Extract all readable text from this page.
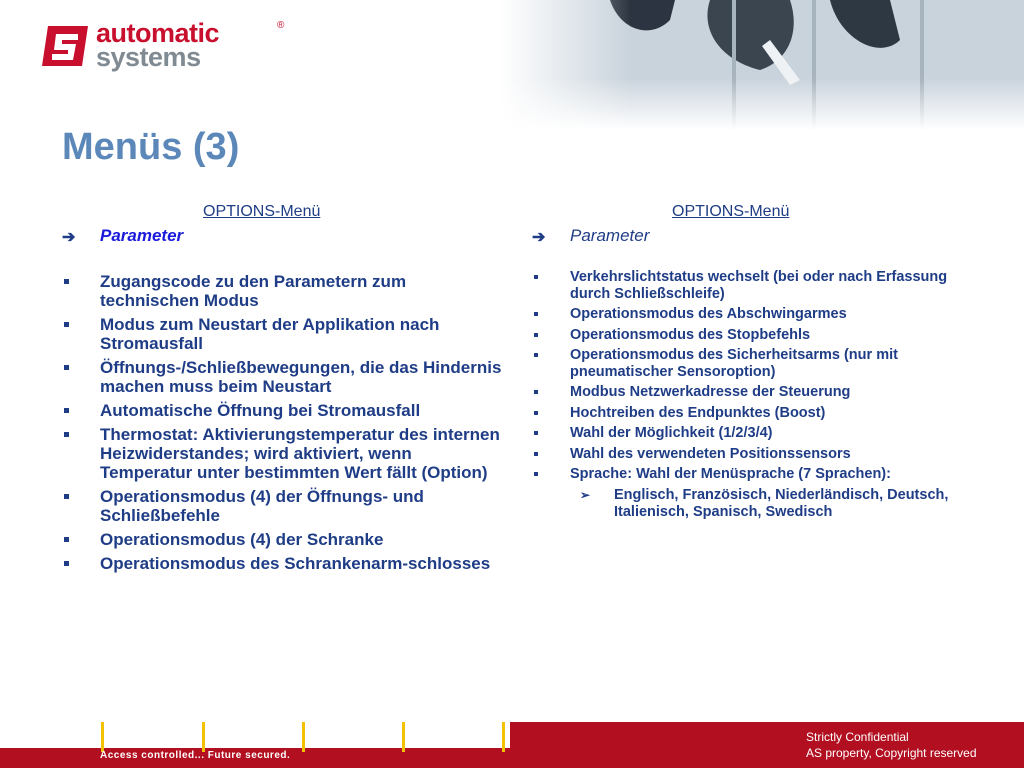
automatic	®
systems
Menüs (3)
OPTIONS-Menü
➔ Parameter
Zugangscode zu den Parametern zum technischen Modus
Modus zum Neustart der Applikation nach Stromausfall
Öffnungs-/Schließbewegungen, die das Hindernis machen muss beim Neustart
Automatische Öffnung bei Stromausfall
Thermostat: Aktivierungstemperatur des internen Heizwiderstandes; wird aktiviert, wenn Temperatur unter bestimmten Wert fällt (Option)
Operationsmodus (4) der Öffnungs- und Schließbefehle
Operationsmodus (4) der Schranke
Operationsmodus des Schrankenarm-schlosses
OPTIONS-Menü
➔ Parameter
Verkehrslichtstatus wechselt (bei oder nach Erfassung durch Schließschleife)
Operationsmodus des Abschwingarmes
Operationsmodus des Stopbefehls
Operationsmodus des Sicherheitsarms (nur mit pneumatischer Sensoroption)
Modbus Netzwerkadresse der Steuerung
Hochtreiben des Endpunktes (Boost)
Wahl der Möglichkeit (1/2/3/4)
Wahl des verwendeten Positionssensors
Sprache: Wahl der Menüsprache (7 Sprachen):
➢ Englisch, Französisch, Niederländisch, Deutsch, Italienisch, Spanisch, Swedisch
Access controlled... Future secured.
Strictly Confidential
AS property, Copyright reserved
